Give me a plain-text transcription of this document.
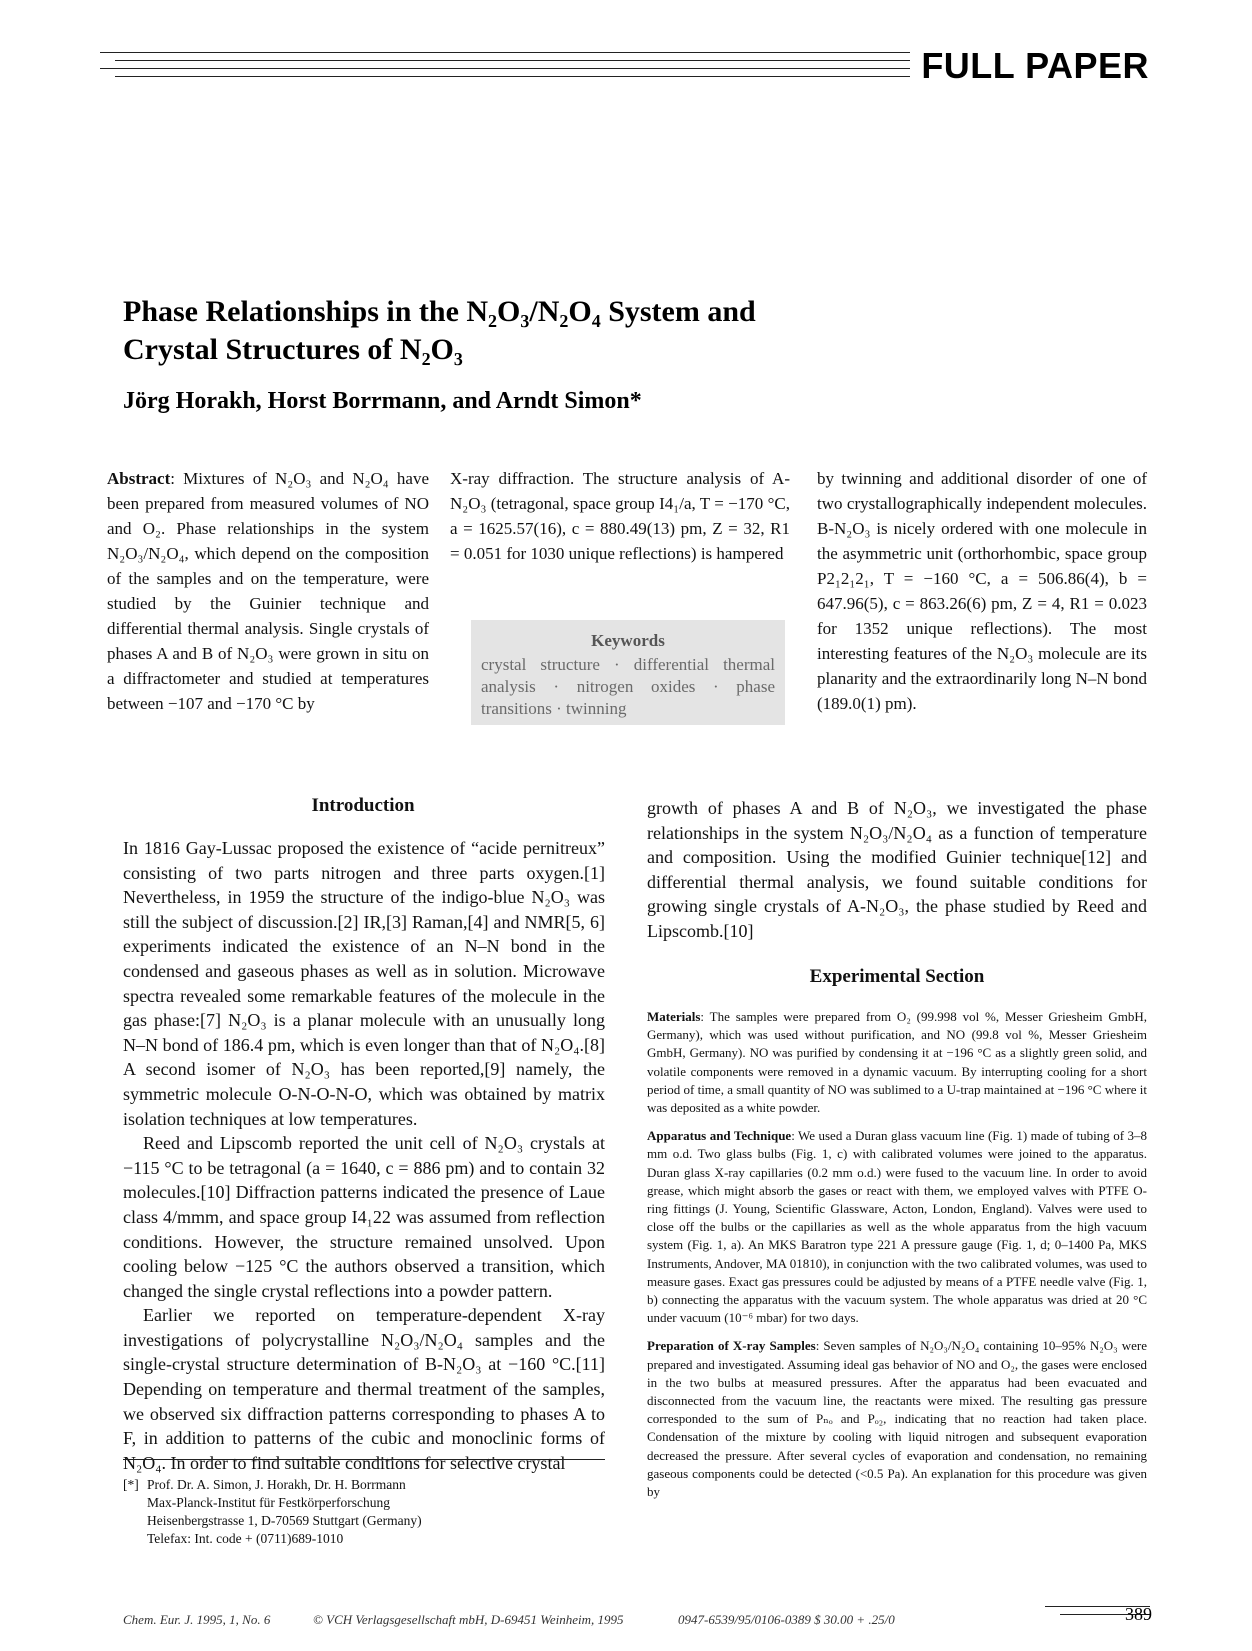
FULL PAPER
Phase Relationships in the N₂O₃/N₂O₄ System and
Crystal Structures of N₂O₃
Jörg Horakh, Horst Borrmann, and Arndt Simon*

Abstract: Mixtures of N₂O₃ and N₂O₄ have been prepared from measured volumes of NO and O₂. Phase relationships in the system N₂O₃/N₂O₄, which depend on the composition of the samples and on the temperature, were studied by the Guinier technique and differential thermal analysis. Single crystals of phases A and B of N₂O₃ were grown in situ on a diffractometer and studied at temperatures between −107 and −170 °C by

X-ray diffraction. The structure analysis of A-N₂O₃ (tetragonal, space group I4₁/a, T = −170 °C, a = 1625.57(16), c = 880.49(13) pm, Z = 32, R1 = 0.051 for 1030 unique reflections) is hampered

Keywords
crystal structure · differential thermal analysis · nitrogen oxides · phase transitions · twinning

by twinning and additional disorder of one of two crystallographically independent molecules. B-N₂O₃ is nicely ordered with one molecule in the asymmetric unit (orthorhombic, space group P2₁2₁2₁, T = −160 °C, a = 506.86(4), b = 647.96(5), c = 863.26(6) pm, Z = 4, R1 = 0.023 for 1352 unique reflections). The most interesting features of the N₂O₃ molecule are its planarity and the extraordinarily long N–N bond (189.0(1) pm).

Introduction

In 1816 Gay-Lussac proposed the existence of “acide pernitreux” consisting of two parts nitrogen and three parts oxygen.[1] Nevertheless, in 1959 the structure of the indigo-blue N₂O₃ was still the subject of discussion.[2] IR,[3] Raman,[4] and NMR[5, 6] experiments indicated the existence of an N–N bond in the condensed and gaseous phases as well as in solution. Microwave spectra revealed some remarkable features of the molecule in the gas phase:[7] N₂O₃ is a planar molecule with an unusually long N–N bond of 186.4 pm, which is even longer than that of N₂O₄.[8] A second isomer of N₂O₃ has been reported,[9] namely, the symmetric molecule O-N-O-N-O, which was obtained by matrix isolation techniques at low temperatures.

Reed and Lipscomb reported the unit cell of N₂O₃ crystals at −115 °C to be tetragonal (a = 1640, c = 886 pm) and to contain 32 molecules.[10] Diffraction patterns indicated the presence of Laue class 4/mmm, and space group I4₁22 was assumed from reflection conditions. However, the structure remained unsolved. Upon cooling below −125 °C the authors observed a transition, which changed the single crystal reflections into a powder pattern.

Earlier we reported on temperature-dependent X-ray investigations of polycrystalline N₂O₃/N₂O₄ samples and the single-crystal structure determination of B-N₂O₃ at −160 °C.[11] Depending on temperature and thermal treatment of the samples, we observed six diffraction patterns corresponding to phases A to F, in addition to patterns of the cubic and monoclinic forms of N₂O₄. In order to find suitable conditions for selective crystal

growth of phases A and B of N₂O₃, we investigated the phase relationships in the system N₂O₃/N₂O₄ as a function of temperature and composition. Using the modified Guinier technique[12] and differential thermal analysis, we found suitable conditions for growing single crystals of A-N₂O₃, the phase studied by Reed and Lipscomb.[10]

Experimental Section

Materials: The samples were prepared from O₂ (99.998 vol %, Messer Griesheim GmbH, Germany), which was used without purification, and NO (99.8 vol %, Messer Griesheim GmbH, Germany). NO was purified by condensing it at −196 °C as a slightly green solid, and volatile components were removed in a dynamic vacuum. By interrupting cooling for a short period of time, a small quantity of NO was sublimed to a U-trap maintained at −196 °C where it was deposited as a white powder.

Apparatus and Technique: We used a Duran glass vacuum line (Fig. 1) made of tubing of 3–8 mm o.d. Two glass bulbs (Fig. 1, c) with calibrated volumes were joined to the apparatus. Duran glass X-ray capillaries (0.2 mm o.d.) were fused to the vacuum line. In order to avoid grease, which might absorb the gases or react with them, we employed valves with PTFE O-ring fittings (J. Young, Scientific Glassware, Acton, London, England). Valves were used to close off the bulbs or the capillaries as well as the whole apparatus from the high vacuum system (Fig. 1, a). An MKS Baratron type 221 A pressure gauge (Fig. 1, d; 0–1400 Pa, MKS Instruments, Andover, MA 01810), in conjunction with the two calibrated volumes, was used to measure gases. Exact gas pressures could be adjusted by means of a PTFE needle valve (Fig. 1, b) connecting the apparatus with the vacuum system. The whole apparatus was dried at 20 °C under vacuum (10⁻⁶ mbar) for two days.

Preparation of X-ray Samples: Seven samples of N₂O₃/N₂O₄ containing 10–95% N₂O₃ were prepared and investigated. Assuming ideal gas behavior of NO and O₂, the gases were enclosed in the two bulbs at measured pressures. After the apparatus had been evacuated and disconnected from the vacuum line, the reactants were mixed. The resulting gas pressure corresponded to the sum of Pₙₒ and Pₒ₂, indicating that no reaction had taken place. Condensation of the mixture by cooling with liquid nitrogen and subsequent evaporation decreased the pressure. After several cycles of evaporation and condensation, no remaining gaseous components could be detected (<0.5 Pa). An explanation for this procedure was given by

[*] Prof. Dr. A. Simon, J. Horakh, Dr. H. Borrmann
Max-Planck-Institut für Festkörperforschung
Heisenbergstrasse 1, D-70569 Stuttgart (Germany)
Telefax: Int. code + (0711)689-1010
Chem. Eur. J. 1995, 1, No. 6	© VCH Verlagsgesellschaft mbH, D-69451 Weinheim, 1995	0947-6539/95/0106-0389 $ 30.00 + .25/0	389
